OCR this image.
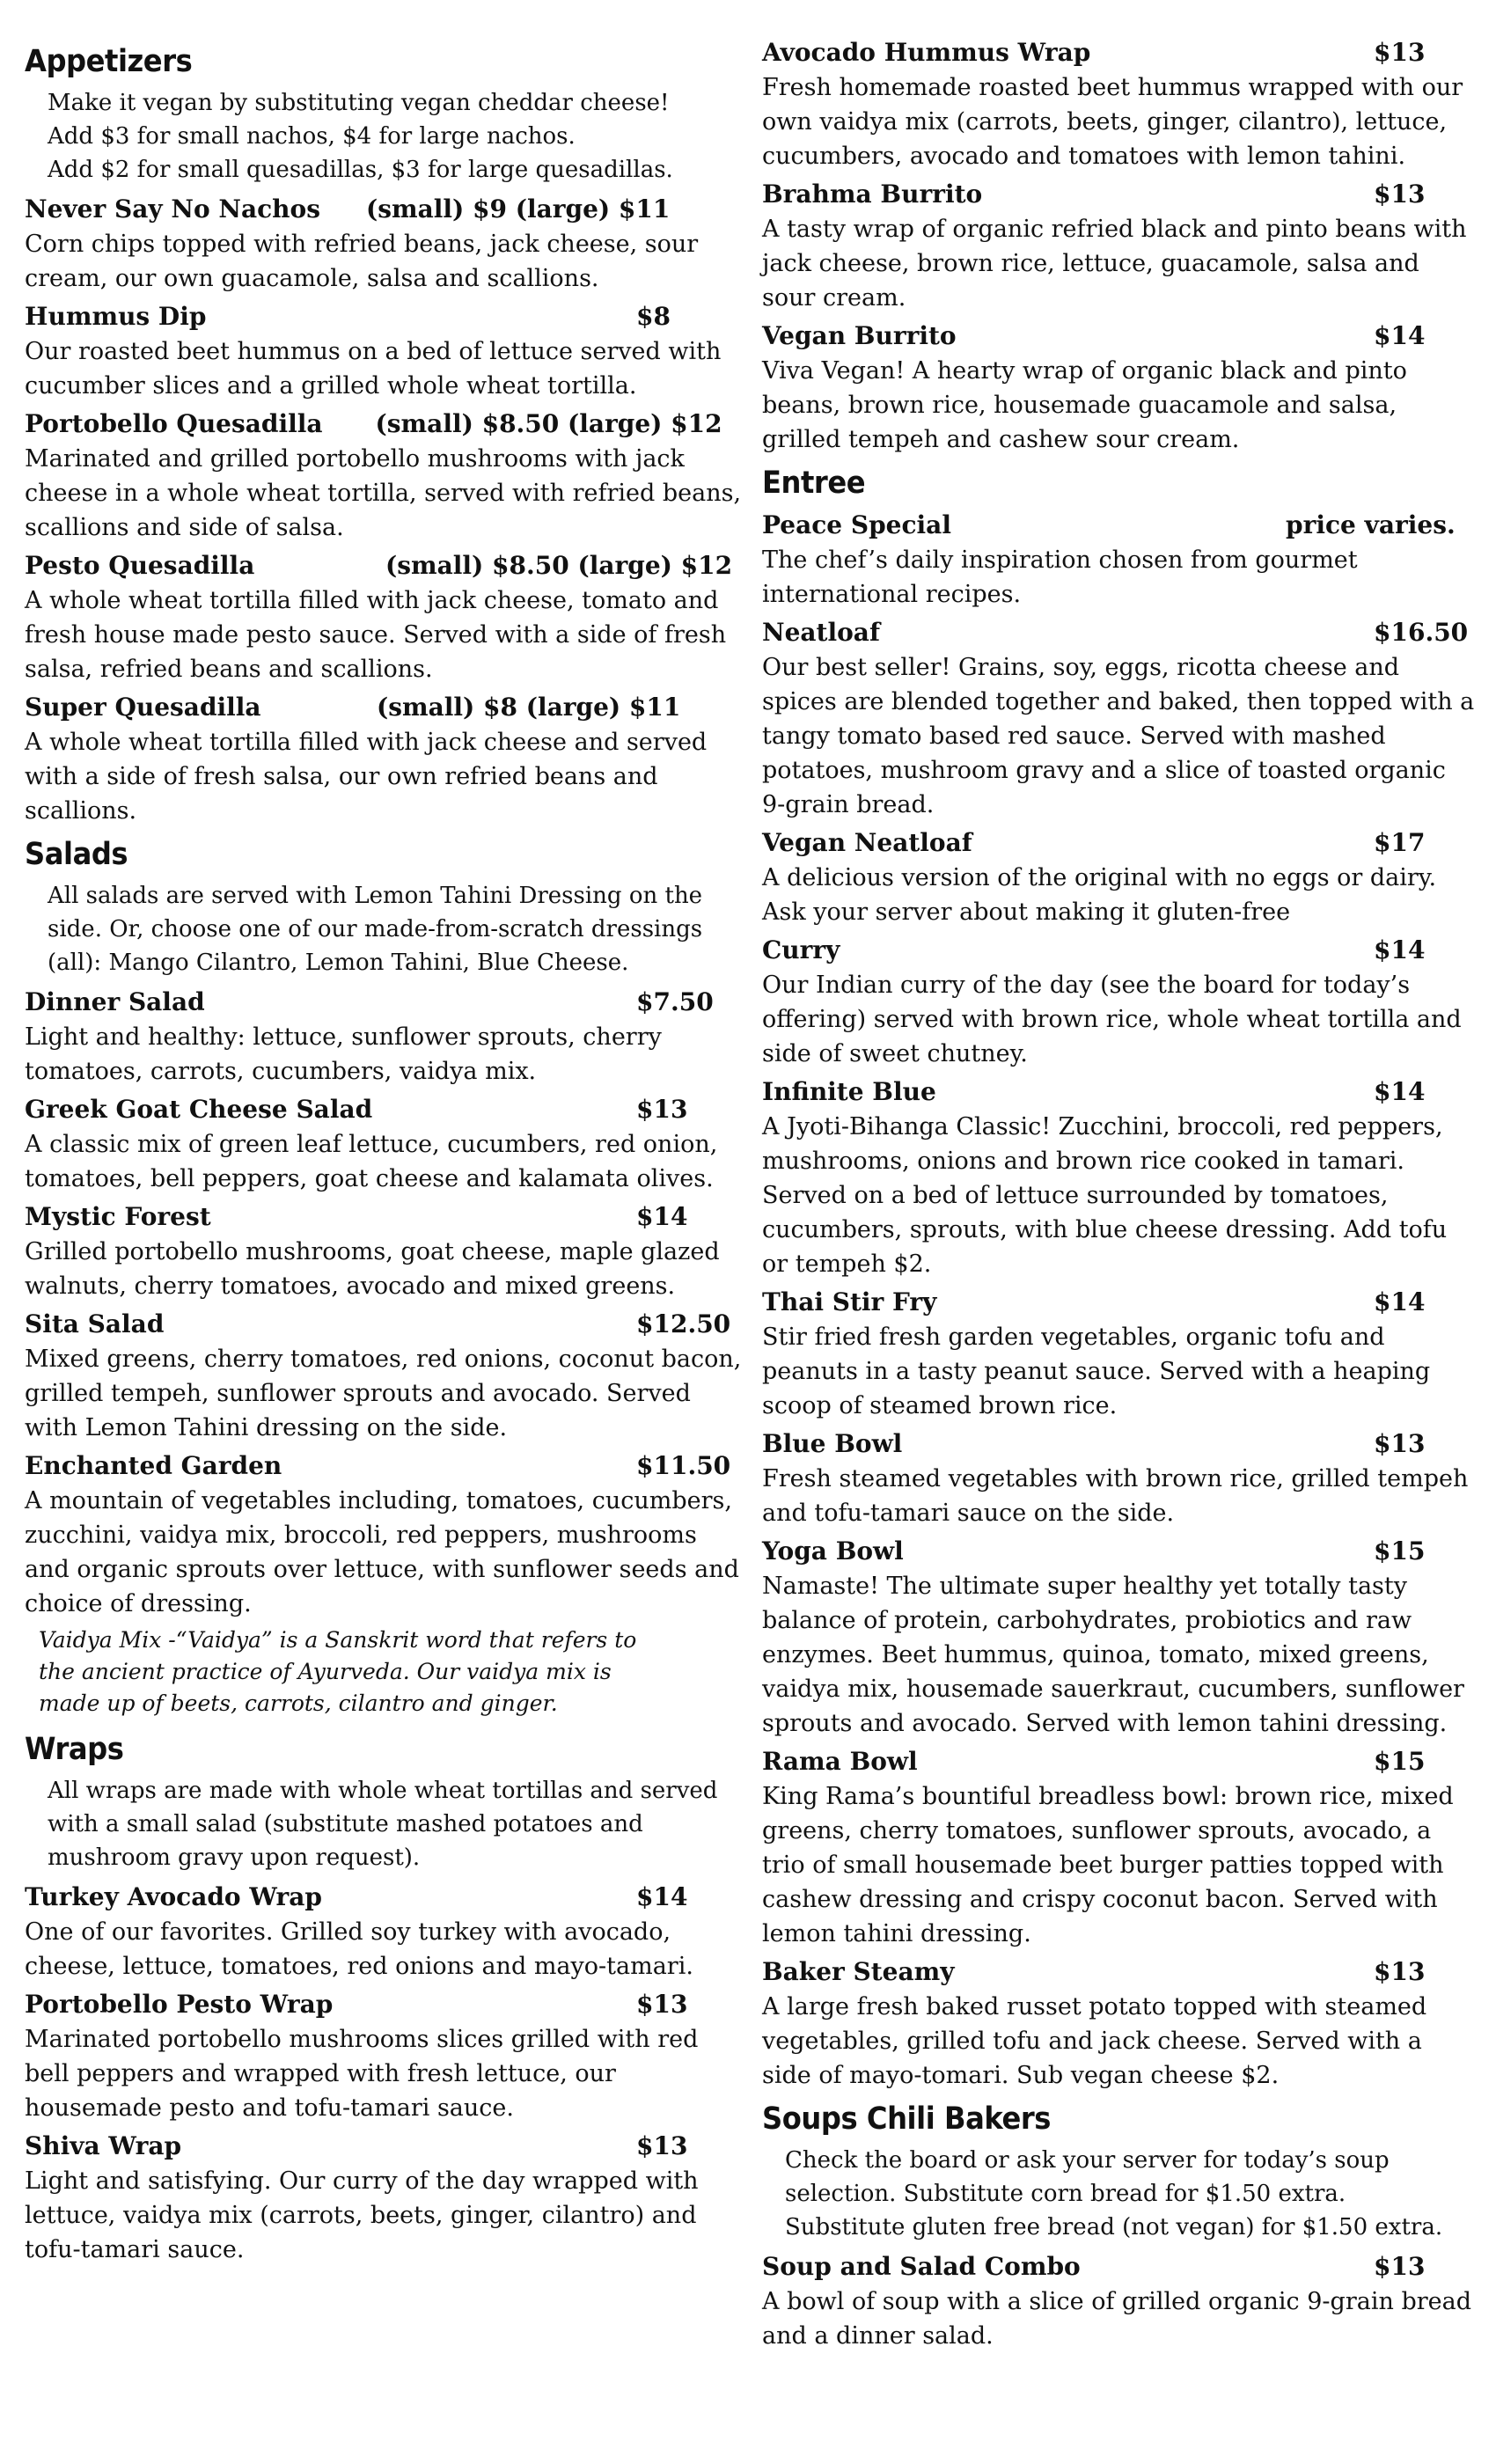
Appetizers

Make it vegan by substituting vegan cheddar cheese!

Add $3 for small nachos, $4 for large nachos.

Add $2 for small quesadillas, $3 for large quesadillas.

Never Say No Nachos (small) $9 (large) $11
Corn chips topped with refried beans, jack cheese, sour cream, our own guacamole, salsa and scallions.
Hummus Dip	$8
Our roasted beet hummus on a bed of lettuce served with cucumber slices and a grilled whole wheat tortilla.
Portobello Quesadilla (small) $8.50 (large) $12
Marinated and grilled portobello mushrooms with jack cheese in a whole wheat tortilla, served with refried beans, scallions and side of salsa.
Pesto Quesadilla	(small) $8.50 (large) $12
A whole wheat tortilla filled with jack cheese, tomato and fresh house made pesto sauce. Served with a side of fresh salsa, refried beans and scallions.
Super Quesadilla	(small) $8 (large) $11
A whole wheat tortilla filled with jack cheese and served with a side of fresh salsa, our own refried beans and scallions.
Salads
All salads are served with Lemon Tahini Dressing on the side. Or, choose one of our made-from-scratch dressings (all): Mango Cilantro, Lemon Tahini, Blue Cheese.
Dinner Salad	$7.50
Light and healthy: lettuce, sunflower sprouts, cherry tomatoes, carrots, cucumbers, vaidya mix.
Greek Goat Cheese Salad	$13
A classic mix of green leaf lettuce, cucumbers, red onion, tomatoes, bell peppers, goat cheese and kalamata olives.
Mystic Forest	$14
Grilled portobello mushrooms, goat cheese, maple glazed walnuts, cherry tomatoes, avocado and mixed greens.
Sita Salad	$12.50
Mixed greens, cherry tomatoes, red onions, coconut bacon, grilled tempeh, sunflower sprouts and avocado. Served with Lemon Tahini dressing on the side.
Enchanted Garden	$11.50
A mountain of vegetables including, tomatoes, cucumbers, zucchini, vaidya mix, broccoli, red peppers, mushrooms and organic sprouts over lettuce, with sunflower seeds and choice of dressing.
Vaidya Mix -“Vaidya” is a Sanskrit word that refers to the ancient practice of Ayurveda. Our vaidya mix is made up of beets, carrots, cilantro and ginger.
Wraps
All wraps are made with whole wheat tortillas and served with a small salad (substitute mashed potatoes and mushroom gravy upon request).
Turkey Avocado Wrap	$14
One of our favorites. Grilled soy turkey with avocado, cheese, lettuce, tomatoes, red onions and mayo-tamari.
Portobello Pesto Wrap	$13
Marinated portobello mushrooms slices grilled with red bell peppers and wrapped with fresh lettuce, our housemade pesto and tofu-tamari sauce.
Shiva Wrap	$13
Light and satisfying. Our curry of the day wrapped with lettuce, vaidya mix (carrots, beets, ginger, cilantro) and tofu-tamari sauce.
Avocado Hummus Wrap	$13
Fresh homemade roasted beet hummus wrapped with our own vaidya mix (carrots, beets, ginger, cilantro), lettuce, cucumbers, avocado and tomatoes with lemon tahini.
Brahma Burrito	$13
A tasty wrap of organic refried black and pinto beans with jack cheese, brown rice, lettuce, guacamole, salsa and sour cream.
Vegan Burrito	$14
Viva Vegan! A hearty wrap of organic black and pinto beans, brown rice, housemade guacamole and salsa, grilled tempeh and cashew sour cream.
Entree
Peace Special	price varies.
The chef’s daily inspiration chosen from gourmet international recipes.
Neatloaf	$16.50
Our best seller! Grains, soy, eggs, ricotta cheese and spices are blended together and baked, then topped with a tangy tomato based red sauce. Served with mashed potatoes, mushroom gravy and a slice of toasted organic 9-grain bread.
Vegan Neatloaf	$17
A delicious version of the original with no eggs or dairy. Ask your server about making it gluten-free
Curry	$14
Our Indian curry of the day (see the board for today’s offering) served with brown rice, whole wheat tortilla and side of sweet chutney.
Infinite Blue	$14
A Jyoti-Bihanga Classic! Zucchini, broccoli, red peppers, mushrooms, onions and brown rice cooked in tamari. Served on a bed of lettuce surrounded by tomatoes, cucumbers, sprouts, with blue cheese dressing. Add tofu or tempeh $2.
Thai Stir Fry	$14
Stir fried fresh garden vegetables, organic tofu and peanuts in a tasty peanut sauce. Served with a heaping scoop of steamed brown rice.
Blue Bowl	$13
Fresh steamed vegetables with brown rice, grilled tempeh and tofu-tamari sauce on the side.
Yoga Bowl	$15
Namaste! The ultimate super healthy yet totally tasty balance of protein, carbohydrates, probiotics and raw enzymes. Beet hummus, quinoa, tomato, mixed greens, vaidya mix, housemade sauerkraut, cucumbers, sunflower sprouts and avocado. Served with lemon tahini dressing.
Rama Bowl	$15
King Rama’s bountiful breadless bowl: brown rice, mixed greens, cherry tomatoes, sunflower sprouts, avocado, a trio of small housemade beet burger patties topped with cashew dressing and crispy coconut bacon. Served with lemon tahini dressing.
Baker Steamy	$13
A large fresh baked russet potato topped with steamed vegetables, grilled tofu and jack cheese. Served with a side of mayo-tomari. Sub vegan cheese $2.
Soups Chili Bakers

Check the board or ask your server for today’s soup selection. Substitute corn bread for $1.50 extra.

Substitute gluten free bread (not vegan) for $1.50 extra.

Soup and Salad Combo	$13
A bowl of soup with a slice of grilled organic 9-grain bread and a dinner salad.
